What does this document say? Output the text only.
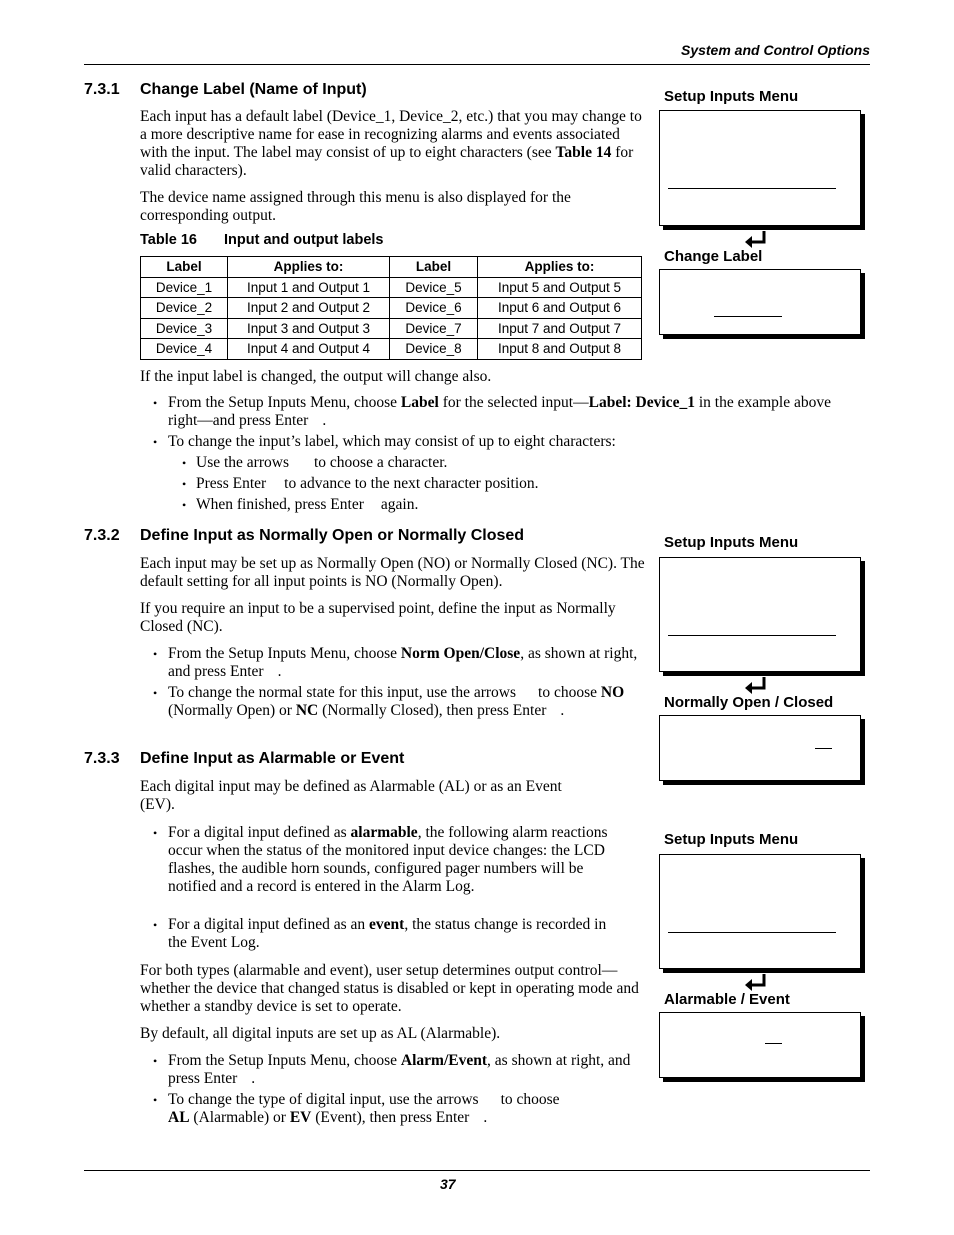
System and Control Options
7.3.1 Change Label (Name of Input)
Each input has a default label (Device_1, Device_2, etc.) that you may change to a more descriptive name for ease in recognizing alarms and events associated with the input. The label may consist of up to eight characters (see Table 14 for valid characters).
The device name assigned through this menu is also displayed for the corresponding output.
Table 16 Input and output labels
Label	Applies to:	Label	Applies to:
Device_1	Input 1 and Output 1	Device_5	Input 5 and Output 5
Device_2	Input 2 and Output 2	Device_6	Input 6 and Output 6
Device_3	Input 3 and Output 3	Device_7	Input 7 and Output 7
Device_4	Input 4 and Output 4	Device_8	Input 8 and Output 8
If the input label is changed, the output will change also.
• From the Setup Inputs Menu, choose Label for the selected input—Label: Device_1 in the example above right—and press Enter .
• To change the input’s label, which may consist of up to eight characters:
• Use the arrows to choose a character.
• Press Enter to advance to the next character position.
• When finished, press Enter again.
7.3.2 Define Input as Normally Open or Normally Closed
Each input may be set up as Normally Open (NO) or Normally Closed (NC). The default setting for all input points is NO (Normally Open).
If you require an input to be a supervised point, define the input as Normally Closed (NC).
• From the Setup Inputs Menu, choose Norm Open/Close, as shown at right, and press Enter .
• To change the normal state for this input, use the arrows to choose NO (Normally Open) or NC (Normally Closed), then press Enter .
7.3.3 Define Input as Alarmable or Event
Each digital input may be defined as Alarmable (AL) or as an Event (EV).
• For a digital input defined as alarmable, the following alarm reactions occur when the status of the monitored input device changes: the LCD flashes, the audible horn sounds, configured pager numbers will be notified and a record is entered in the Alarm Log.
• For a digital input defined as an event, the status change is recorded in the Event Log.
For both types (alarmable and event), user setup determines output control—whether the device that changed status is disabled or kept in operating mode and whether a standby device is set to operate.
By default, all digital inputs are set up as AL (Alarmable).
• From the Setup Inputs Menu, choose Alarm/Event, as shown at right, and press Enter .
• To change the type of digital input, use the arrows to choose
AL (Alarmable) or EV (Event), then press Enter .
Setup Inputs Menu
Change Label
Setup Inputs Menu
Normally Open / Closed
Setup Inputs Menu
Alarmable / Event
37
